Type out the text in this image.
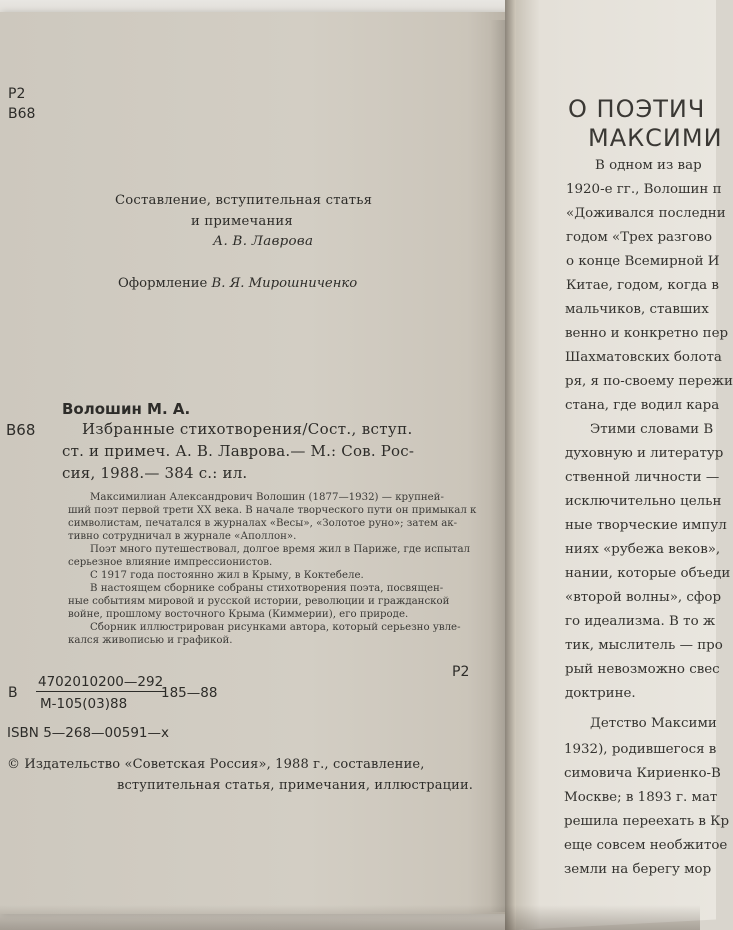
Р2
В68
Составление, вступительная статья
и примечания
А. В. Лаврова
Оформление В. Я. Мирошниченко
В68
Волошин М. А.
Избранные стихотворения/Сост., вступ.
ст. и примеч. А. В. Лаврова.— М.: Сов. Рос-
сия, 1988.— 384 с.: ил.
Максимилиан Александрович Волошин (1877—1932) — крупней-
ший поэт первой трети XX века. В начале творческого пути он примыкал к
символистам, печатался в журналах «Весы», «Золотое руно»; затем ак-
тивно сотрудничал в журнале «Аполлон».
Поэт много путешествовал, долгое время жил в Париже, где испытал
серьезное влияние импрессионистов.
С 1917 года постоянно жил в Крыму, в Коктебеле.
В настоящем сборнике собраны стихотворения поэта, посвящен-
ные событиям мировой и русской истории, революции и гражданской
войне, прошлому восточного Крыма (Киммерии), его природе.
Сборник иллюстрирован рисунками автора, который серьезно увле-
кался живописью и графикой.
Р2
В
4702010200—292
М-105(03)88
185—88
ISBN 5—268—00591—x
© Издательство «Советская Россия», 1988 г., составление,
вступительная статья, примечания, иллюстрации.
О ПОЭТИЧ
МАКСИМИ
В одном из вар
1920-е гг., Волошин п
«Доживался последни
годом «Трех разгово
о конце Всемирной И
Китае, годом, когда в
мальчиков, ставших
венно и конкретно пер
Шахматовских болота
ря, я по-своему пережи
стана, где водил кара
Этими словами В
духовную и литератур
ственной личности —
исключительно цельн
ные творческие импул
ниях «рубежа веков»,
нании, которые объеди
«второй волны», сфор
го идеализма. В то ж
тик, мыслитель — про
рый невозможно свес
доктрине.
Детство Максими
1932), родившегося в
симовича Кириенко-В
Москве; в 1893 г. мат
решила переехать в Кр
еще совсем необжитое
земли на берегу мор
